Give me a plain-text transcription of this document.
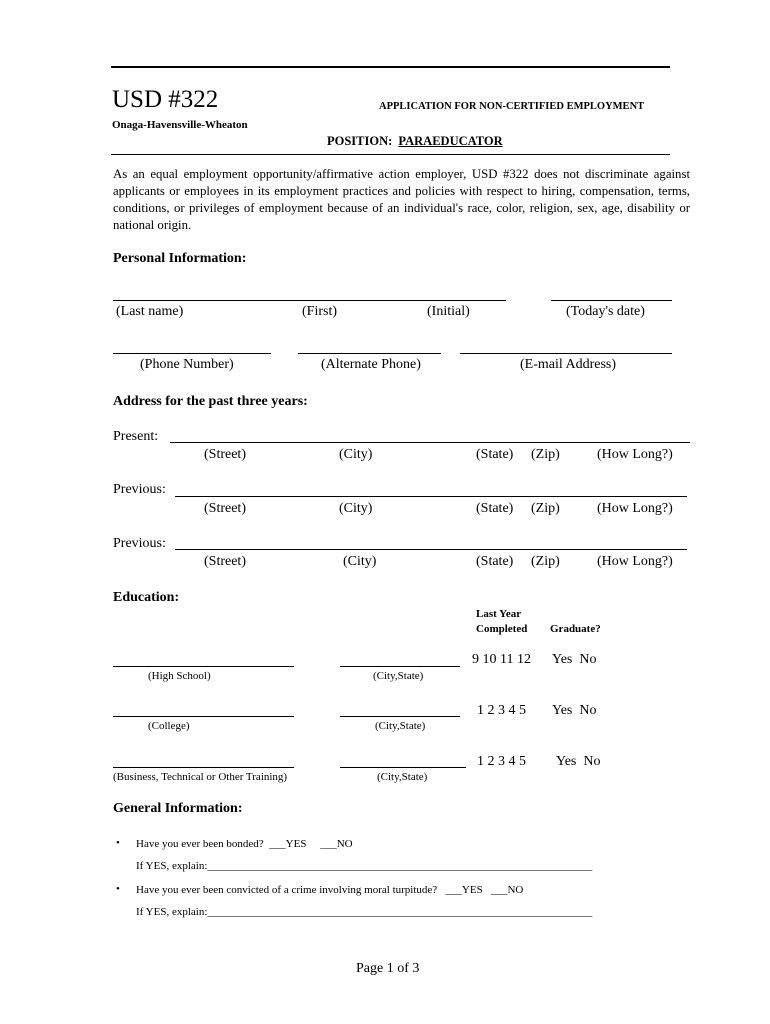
USD #322	APPLICATION FOR NON-CERTIFIED EMPLOYMENT
Onaga-Havensville-Wheaton
POSITION: PARAEDUCATOR
As an equal employment opportunity/affirmative action employer, USD #322 does not discriminate against applicants or employees in its employment practices and policies with respect to hiring, compensation, terms, conditions, or privileges of employment because of an individual's race, color, religion, sex, age, disability or national origin.
Personal Information:
(Last name)	(First)	(Initial)	(Today's date)
(Phone Number)	(Alternate Phone)	(E-mail Address)
Address for the past three years:
Present:
(Street)	(City)	(State) (Zip)	(How Long?)
Previous:
(Street)	(City)	(State) (Zip)	(How Long?)
Previous:
(Street)	(City)	(State) (Zip)	(How Long?)
Education:
Last Year
Completed Graduate?
9 10 11 12 Yes  No
(High School)	(City,State)
1 2 3 4 5 Yes  No
(College)	(City,State)
1 2 3 4 5 Yes  No
(Business, Technical or Other Training)	(City,State)
General Information:
• Have you ever been bonded?  ___YES     ___NO
If YES, explain:______________________________________________________________________
• Have you ever been convicted of a crime involving moral turpitude?   ___YES   ___NO
If YES, explain:______________________________________________________________________
Page 1 of 3
